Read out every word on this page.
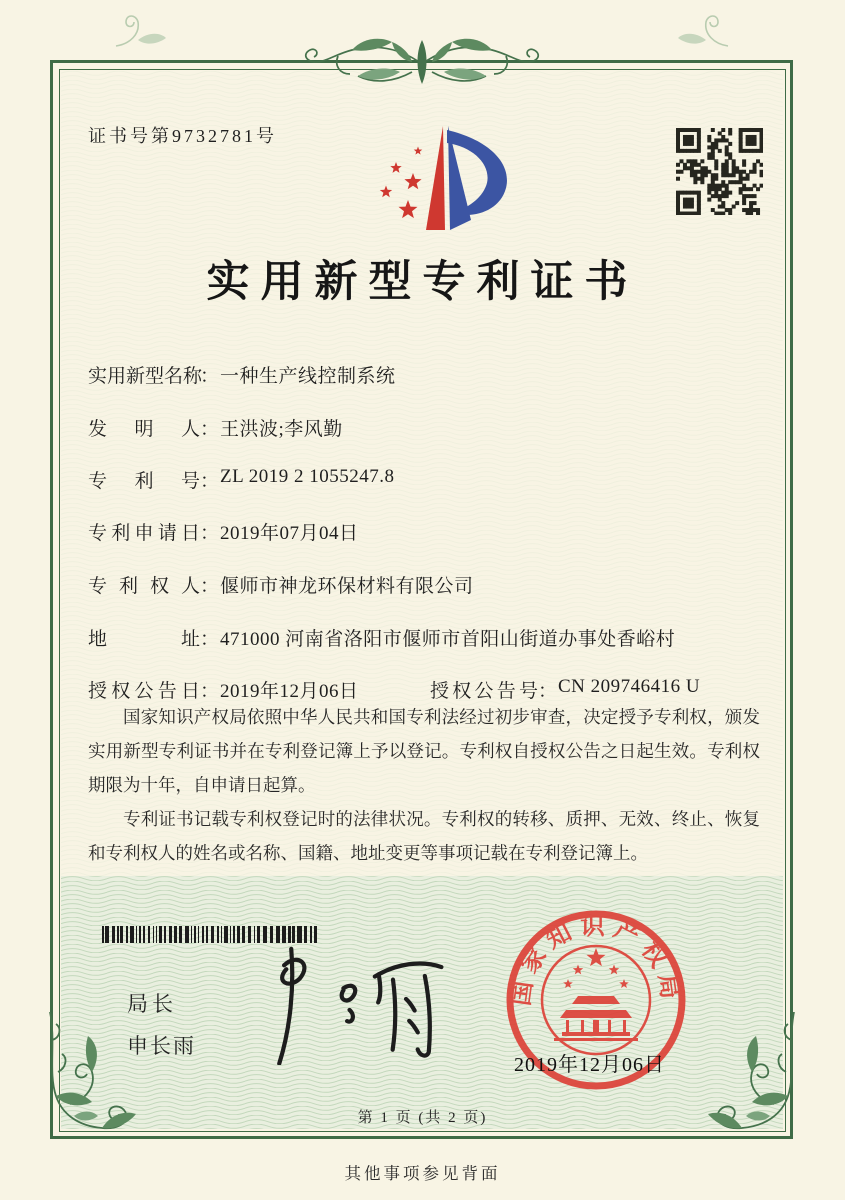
证书号第9732781号
实用新型专利证书
实用新型名称：一种生产线控制系统
发明人：王洪波;李风勤
专利号：ZL 2019 2 1055247.8
专利申请日：2019年07月04日
专利权人：偃师市神龙环保材料有限公司
地址：471000 河南省洛阳市偃师市首阳山街道办事处香峪村
授权公告日：2019年12月06日	授权公告号：CN 209746416 U

国家知识产权局依照中华人民共和国专利法经过初步审查，决定授予专利权，颁发实用新型专利证书并在专利登记簿上予以登记。专利权自授权公告之日起生效。专利权期限为十年，自申请日起算。

专利证书记载专利权登记时的法律状况。专利权的转移、质押、无效、终止、恢复和专利权人的姓名或名称、国籍、地址变更等事项记载在专利登记簿上。

局长
申长雨
国家知识产权局
2019年12月06日
第 1 页 (共 2 页)
其他事项参见背面
